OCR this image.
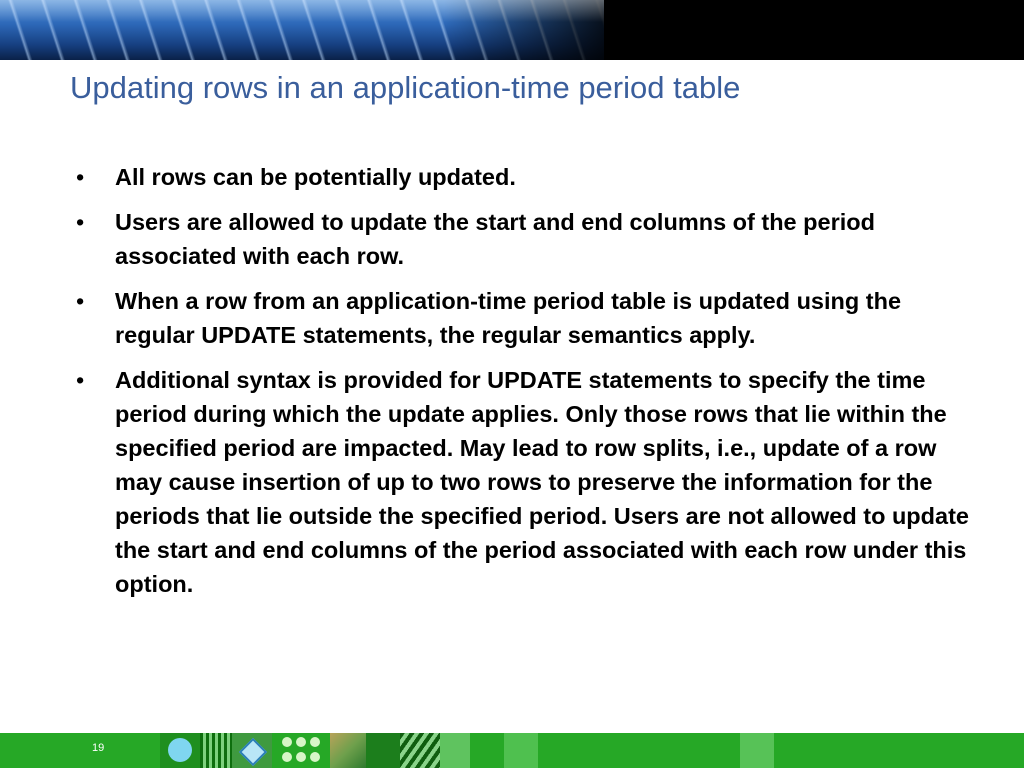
Updating rows in an application-time period table
• All rows can be potentially updated.
• Users are allowed to update the start and end columns of the period associated with each row.
• When a row from an application-time period table is updated using the regular UPDATE statements, the regular semantics apply.
• Additional syntax is provided for UPDATE statements to specify the time period during which the update applies. Only those rows that lie within the specified period are impacted. May lead to row splits, i.e., update of a row may cause insertion of up to two rows to preserve the information for the periods that lie outside the specified period. Users are not allowed to update the start and end columns of the period associated with each row under this option.
19
